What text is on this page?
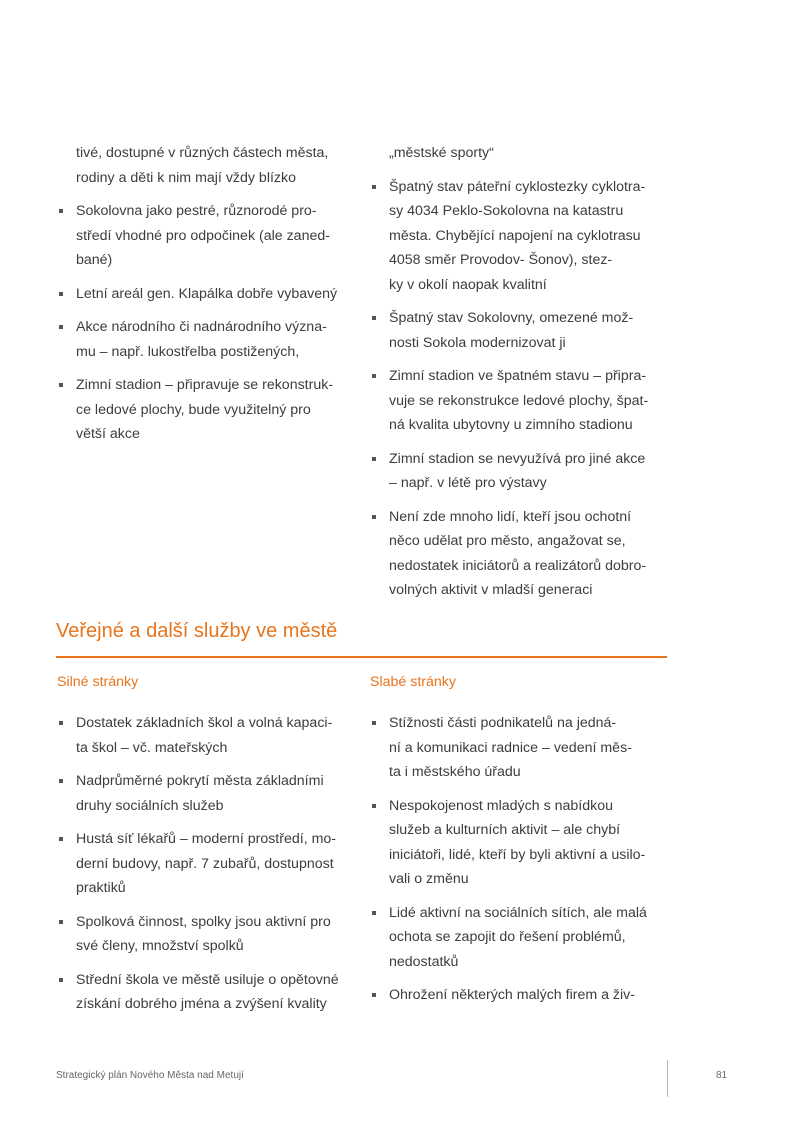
tivé, dostupné v různých částech města,
rodiny a děti k nim mají vždy blízko
Sokolovna jako pestré, různorodé pro-
středí vhodné pro odpočinek (ale zaned-
bané)
Letní areál gen. Klapálka dobře vybavený
Akce národního či nadnárodního význa-
mu – např. lukostřelba postižených,
Zimní stadion – připravuje se rekonstruk-
ce ledové plochy, bude využitelný pro
větší akce
„městské sporty“
Špatný stav páteřní cyklostezky cyklotra-
sy 4034 Peklo-Sokolovna na katastru
města. Chybějící napojení na cyklotrasu
4058 směr Provodov- Šonov), stez-
ky v okolí naopak kvalitní
Špatný stav Sokolovny, omezené mož-
nosti Sokola modernizovat ji
Zimní stadion ve špatném stavu – připra-
vuje se rekonstrukce ledové plochy, špat-
ná kvalita ubytovny u zimního stadionu
Zimní stadion se nevyužívá pro jiné akce
– např. v létě pro výstavy
Není zde mnoho lidí, kteří jsou ochotní
něco udělat pro město, angažovat se,
nedostatek iniciátorů a realizátorů dobro-
volných aktivit v mladší generaci
Veřejné a další služby ve městě
Silné stránky	Slabé stránky
Dostatek základních škol a volná kapaci-
ta škol – vč. mateřských
Nadprůměrné pokrytí města základními
druhy sociálních služeb
Hustá síť lékařů – moderní prostředí, mo-
derní budovy, např. 7 zubařů, dostupnost
praktiků
Spolková činnost, spolky jsou aktivní pro
své členy, množství spolků
Střední škola ve městě usiluje o opětovné
získání dobrého jména a zvýšení kvality
Stížnosti části podnikatelů na jedná-
ní a komunikaci radnice – vedení měs-
ta i městského úřadu
Nespokojenost mladých s nabídkou
služeb a kulturních aktivit – ale chybí
iniciátoři, lidé, kteří by byli aktivní a usilo-
vali o změnu
Lidé aktivní na sociálních sítích, ale malá
ochota se zapojit do řešení problémů,
nedostatků
Ohrožení některých malých firem a živ-
Strategický plán Nového Města nad Metují	81
